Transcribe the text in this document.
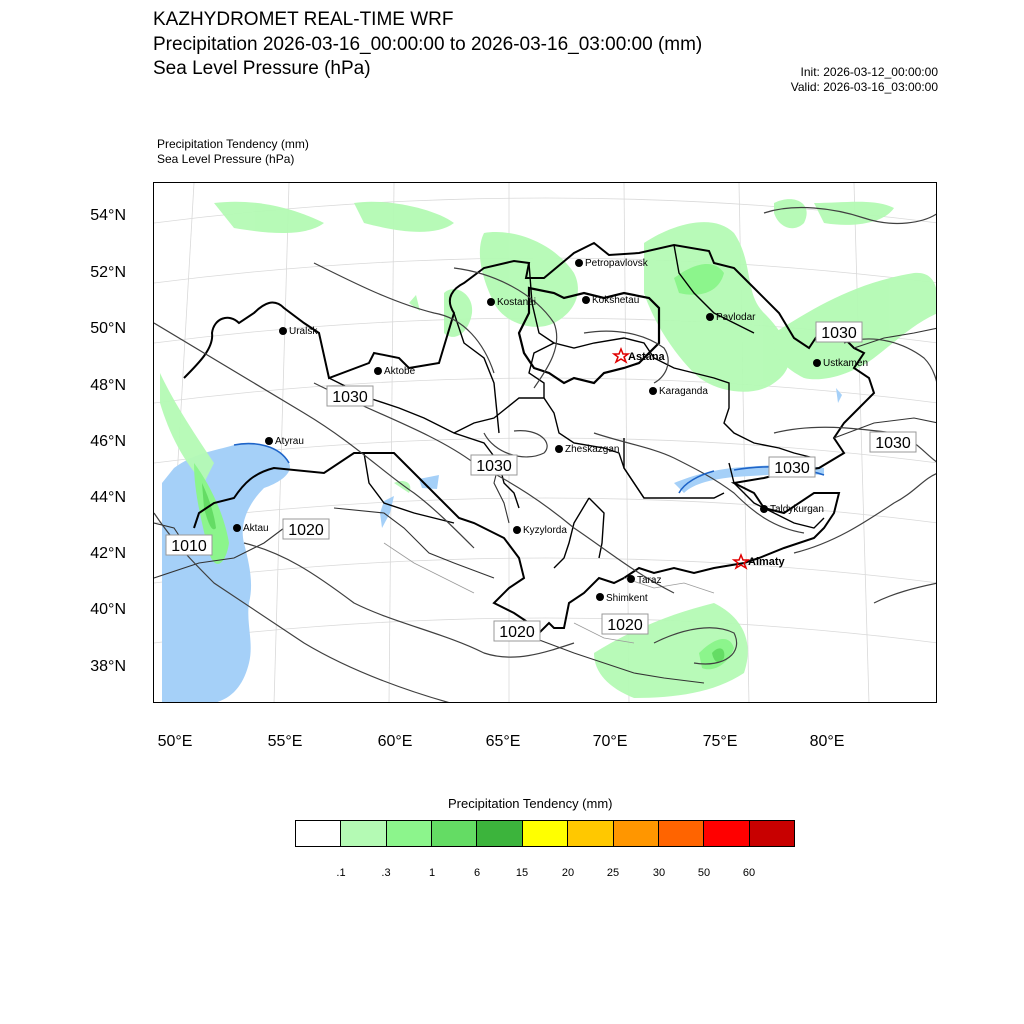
KAZHYDROMET REAL-TIME WRF
Precipitation 2026-03-16_00:00:00 to 2026-03-16_03:00:00 (mm)
Sea Level Pressure (hPa)	Init: 2026-03-12_00:00:00
Valid: 2026-03-16_03:00:00
Precipitation Tendency (mm)
Sea Level Pressure (hPa)
1030
1030
1030
1030
1030
1020
1010
1020	1020
Petropavlovsk
Kostanai	Kokshetau
Pavlodar
Uralsk
Astana
Aktobe
Ustkamen
Karaganda
Atyrau
Zheskazgan
Aktau
Taldykurgan
Kyzylorda
Almaty
Taraz
Shimkent
54°N
52°N
50°N
48°N
46°N
44°N
42°N
40°N
38°N
50°E	55°E	60°E	65°E	70°E	75°E	80°E
Precipitation Tendency (mm)
.1	.3	1	6	15	20	25	30	50	60
